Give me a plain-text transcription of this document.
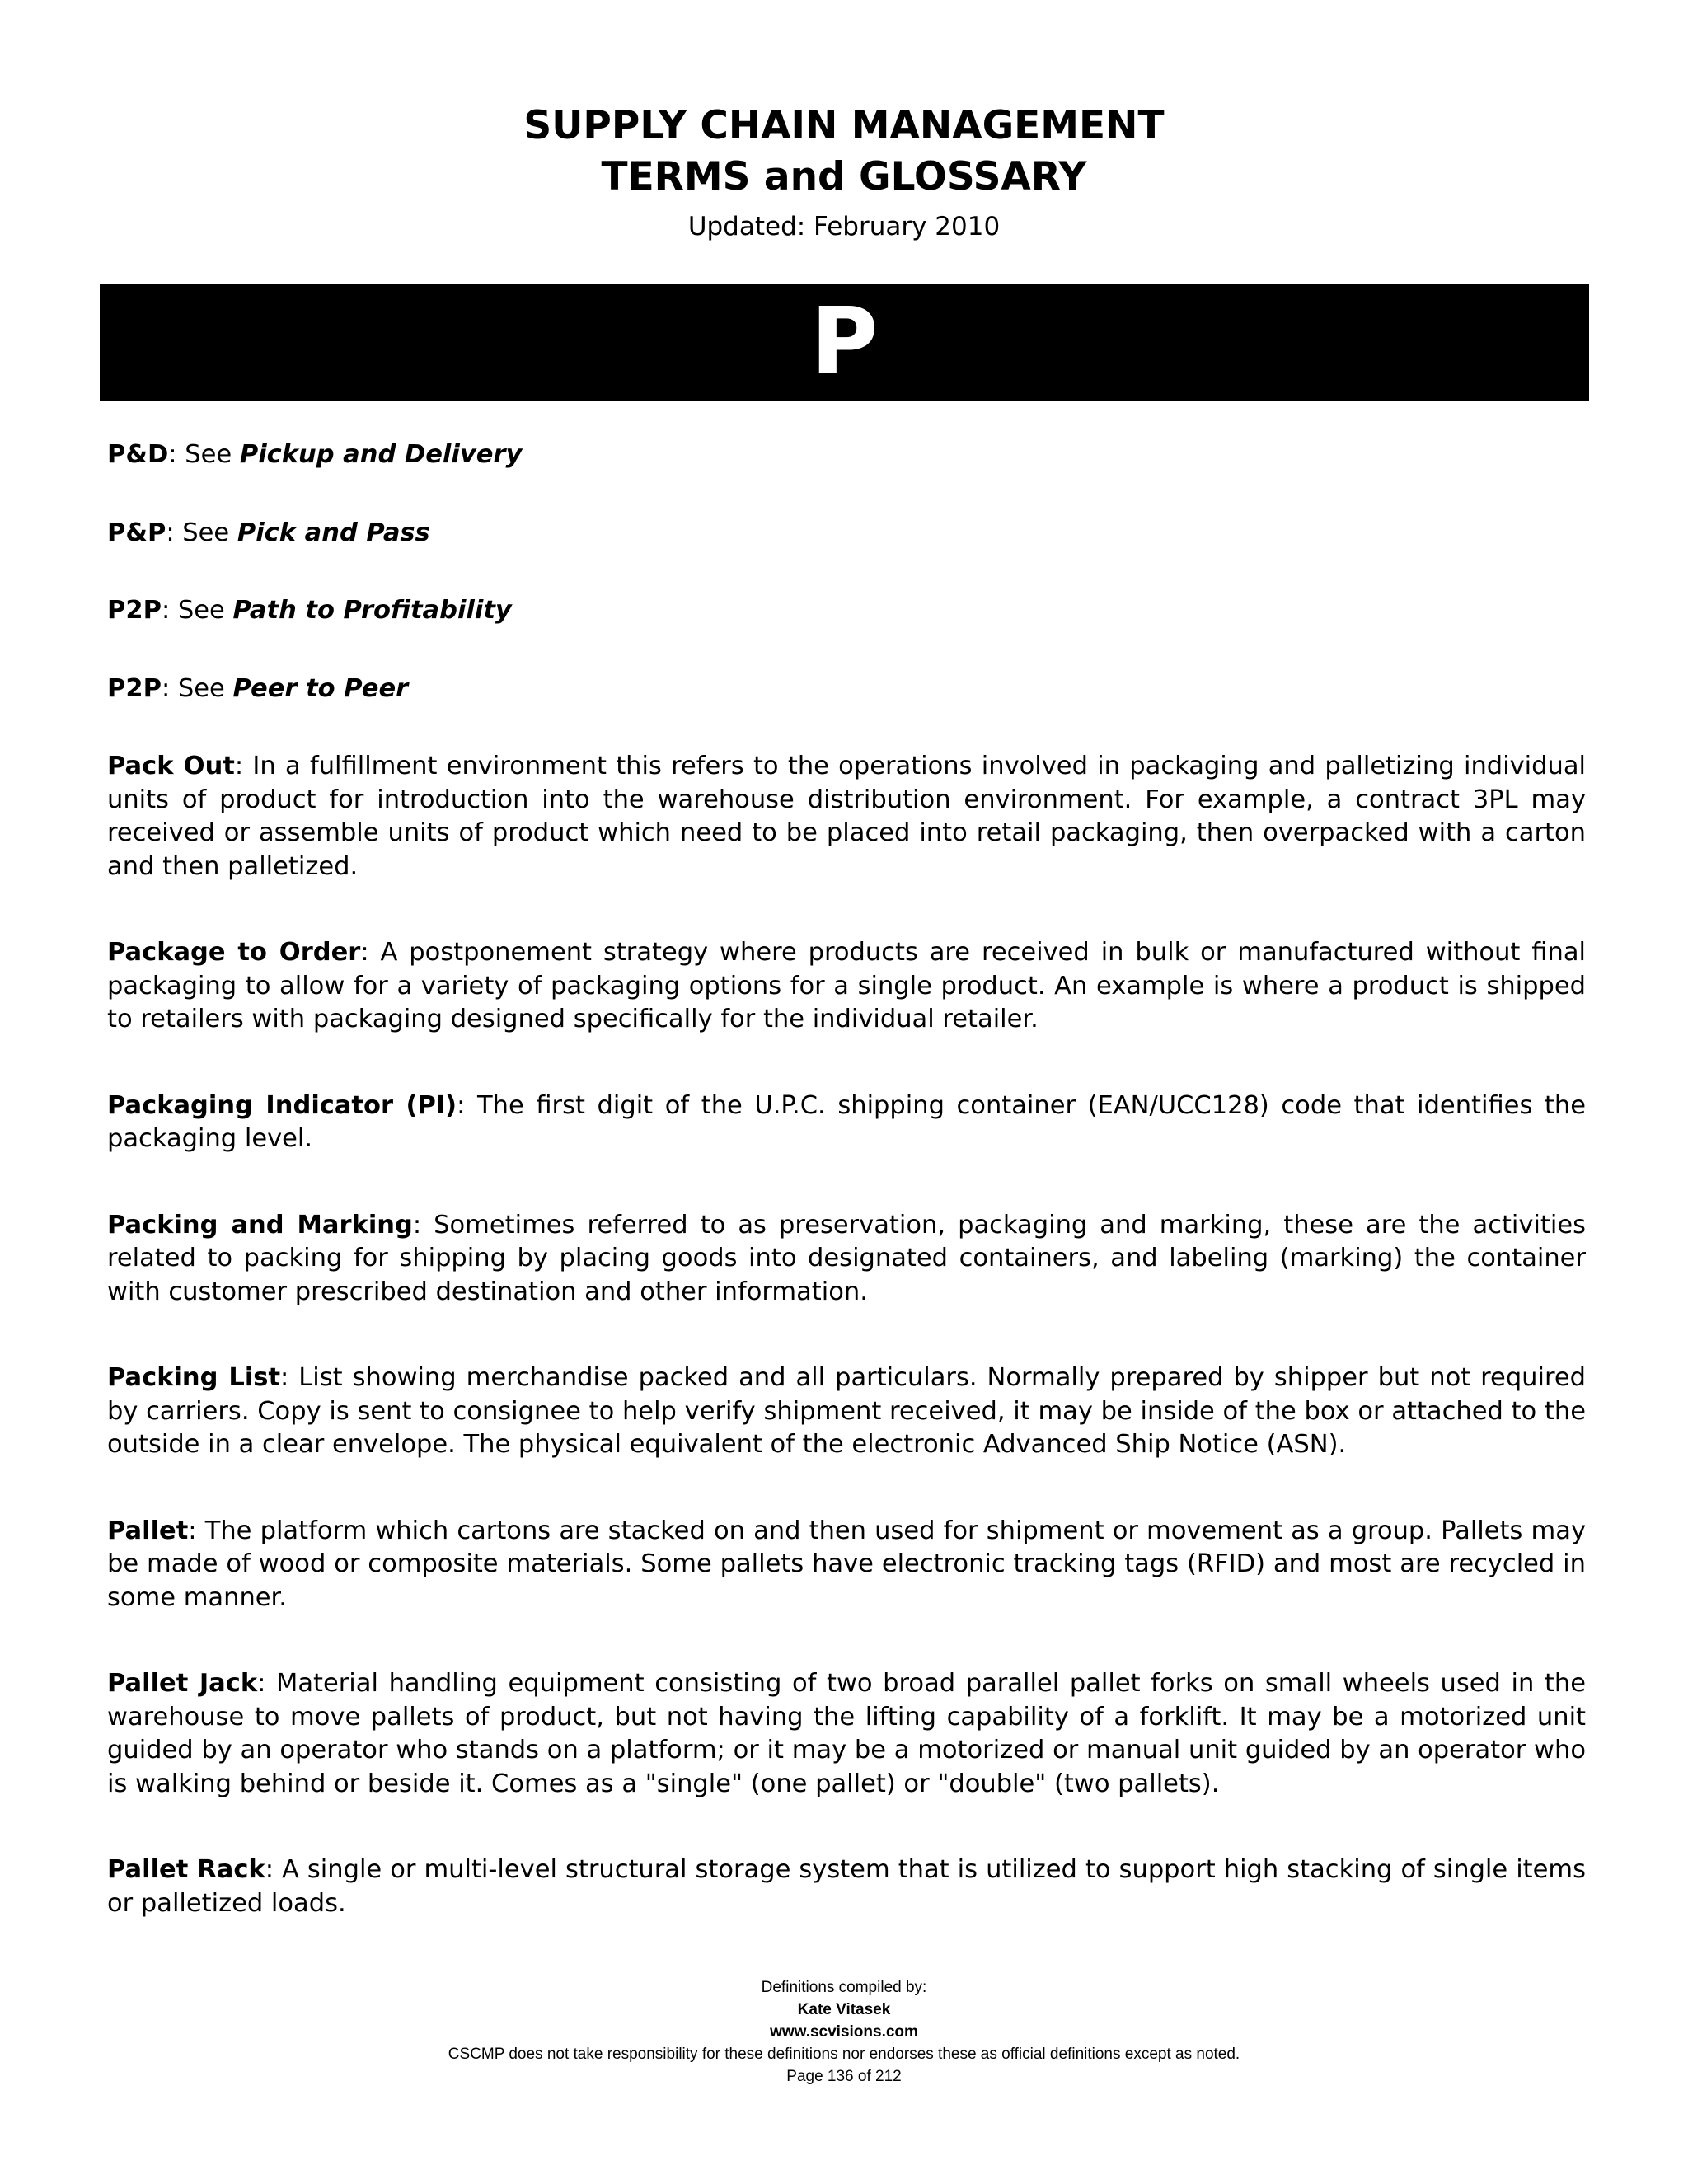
SUPPLY CHAIN MANAGEMENT
TERMS and GLOSSARY
Updated: February 2010
P

P&D: See Pickup and Delivery

P&P: See Pick and Pass

P2P: See Path to Profitability

P2P: See Peer to Peer

Pack Out: In a fulfillment environment this refers to the operations involved in packaging and palletizing individual units of product for introduction into the warehouse distribution environment. For example, a contract 3PL may received or assemble units of product which need to be placed into retail packaging, then overpacked with a carton and then palletized.

Package to Order: A postponement strategy where products are received in bulk or manufactured without final packaging to allow for a variety of packaging options for a single product. An example is where a product is shipped to retailers with packaging designed specifically for the individual retailer.

Packaging Indicator (PI): The first digit of the U.P.C. shipping container (EAN/UCC128) code that identifies the packaging level.

Packing and Marking: Sometimes referred to as preservation, packaging and marking, these are the activities related to packing for shipping by placing goods into designated containers, and labeling (marking) the container with customer prescribed destination and other information.

Packing List: List showing merchandise packed and all particulars. Normally prepared by shipper but not required by carriers. Copy is sent to consignee to help verify shipment received, it may be inside of the box or attached to the outside in a clear envelope. The physical equivalent of the electronic Advanced Ship Notice (ASN).

Pallet: The platform which cartons are stacked on and then used for shipment or movement as a group. Pallets may be made of wood or composite materials. Some pallets have electronic tracking tags (RFID) and most are recycled in some manner.

Pallet Jack: Material handling equipment consisting of two broad parallel pallet forks on small wheels used in the warehouse to move pallets of product, but not having the lifting capability of a forklift. It may be a motorized unit guided by an operator who stands on a platform; or it may be a motorized or manual unit guided by an operator who is walking behind or beside it. Comes as a "single" (one pallet) or "double" (two pallets).

Pallet Rack: A single or multi-level structural storage system that is utilized to support high stacking of single items or palletized loads.

Definitions compiled by:
Kate Vitasek
www.scvisions.com
CSCMP does not take responsibility for these definitions nor endorses these as official definitions except as noted.
Page 136 of 212
